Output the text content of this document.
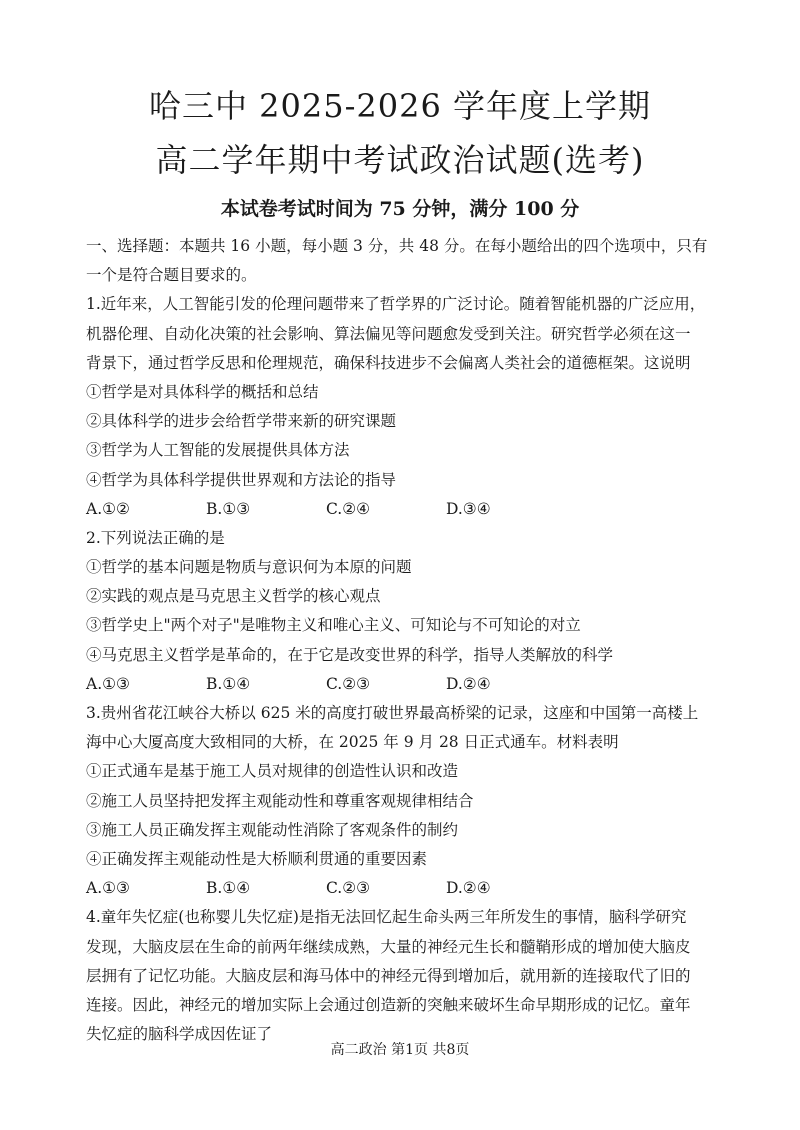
哈三中 2025-2026 学年度上学期
高二学年期中考试政治试题(选考)
本试卷考试时间为 75 分钟，满分 100 分
一、选择题：本题共 16 小题，每小题 3 分，共 48 分。在每小题给出的四个选项中，只有
一个是符合题目要求的。
1.近年来，人工智能引发的伦理问题带来了哲学界的广泛讨论。随着智能机器的广泛应用，
机器伦理、自动化决策的社会影响、算法偏见等问题愈发受到关注。研究哲学必须在这一
背景下，通过哲学反思和伦理规范，确保科技进步不会偏离人类社会的道德框架。这说明
①哲学是对具体科学的概括和总结
②具体科学的进步会给哲学带来新的研究课题
③哲学为人工智能的发展提供具体方法
④哲学为具体科学提供世界观和方法论的指导
A.①②	B.①③	C.②④	D.③④
2.下列说法正确的是
①哲学的基本问题是物质与意识何为本原的问题
②实践的观点是马克思主义哲学的核心观点
③哲学史上"两个对子"是唯物主义和唯心主义、可知论与不可知论的对立
④马克思主义哲学是革命的，在于它是改变世界的科学，指导人类解放的科学
A.①③	B.①④	C.②③	D.②④
3.贵州省花江峡谷大桥以 625 米的高度打破世界最高桥梁的记录，这座和中国第一高楼上
海中心大厦高度大致相同的大桥，在 2025 年 9 月 28 日正式通车。材料表明
①正式通车是基于施工人员对规律的创造性认识和改造
②施工人员坚持把发挥主观能动性和尊重客观规律相结合
③施工人员正确发挥主观能动性消除了客观条件的制约
④正确发挥主观能动性是大桥顺利贯通的重要因素
A.①③	B.①④	C.②③	D.②④
4.童年失忆症(也称婴儿失忆症)是指无法回忆起生命头两三年所发生的事情，脑科学研究
发现，大脑皮层在生命的前两年继续成熟，大量的神经元生长和髓鞘形成的增加使大脑皮
层拥有了记忆功能。大脑皮层和海马体中的神经元得到增加后，就用新的连接取代了旧的
连接。因此，神经元的增加实际上会通过创造新的突触来破坏生命早期形成的记忆。童年
失忆症的脑科学成因佐证了
高二政治 第1页 共8页
